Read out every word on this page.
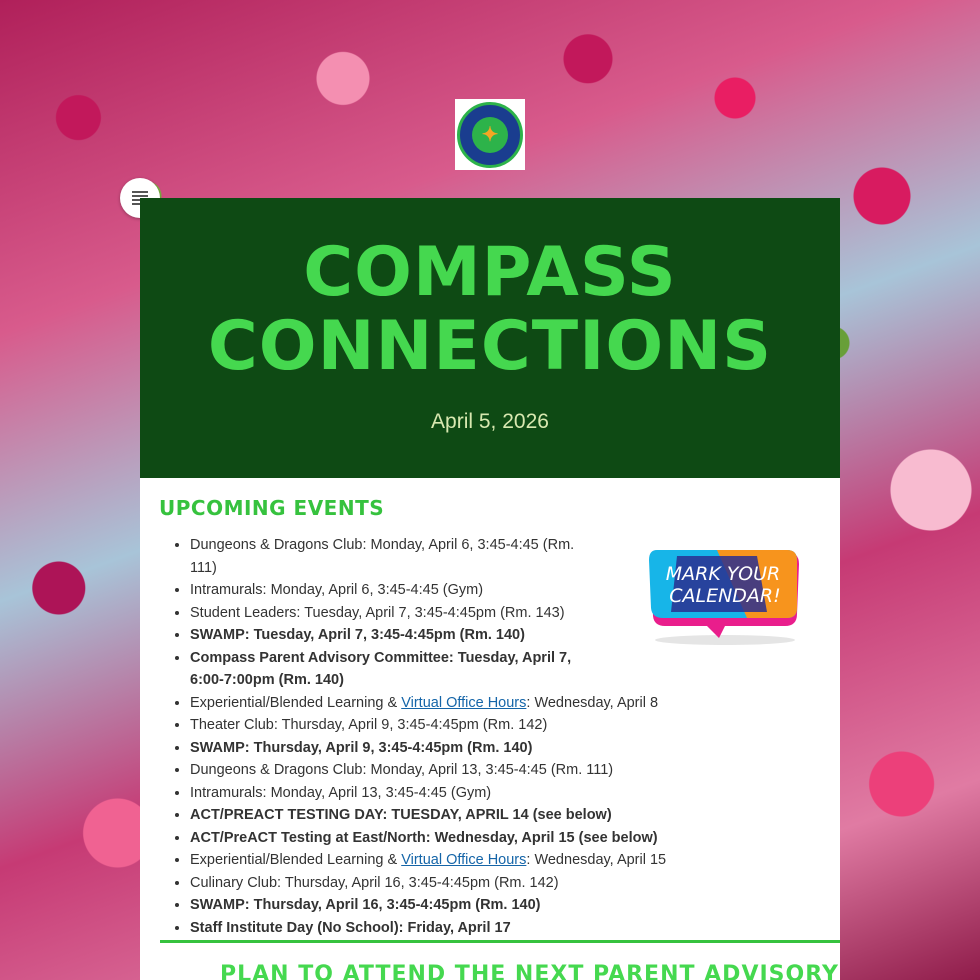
✦
COMPASS
CONNECTIONS
April 5, 2026
UPCOMING EVENTS
• Dungeons & Dragons Club: Monday, April 6, 3:45-4:45 (Rm. 111)
• Intramurals: Monday, April 6, 3:45-4:45 (Gym)
• Student Leaders: Tuesday, April 7, 3:45-4:45pm (Rm. 143)
• SWAMP: Tuesday, April 7, 3:45-4:45pm (Rm. 140)
• Compass Parent Advisory Committee: Tuesday, April 7, 6:00-7:00pm (Rm. 140)
• Experiential/Blended Learning & Virtual Office Hours: Wednesday, April 8
• Theater Club: Thursday, April 9, 3:45-4:45pm (Rm. 142)
• SWAMP: Thursday, April 9, 3:45-4:45pm (Rm. 140)
• Dungeons & Dragons Club: Monday, April 13, 3:45-4:45 (Rm. 111)
• Intramurals: Monday, April 13, 3:45-4:45 (Gym)
• ACT/PREACT TESTING DAY: TUESDAY, APRIL 14 (see below)
• ACT/PreACT Testing at East/North: Wednesday, April 15 (see below)
• Experiential/Blended Learning & Virtual Office Hours: Wednesday, April 15
• Culinary Club: Thursday, April 16, 3:45-4:45pm (Rm. 142)
• SWAMP: Thursday, April 16, 3:45-4:45pm (Rm. 140)
• Staff Institute Day (No School): Friday, April 17
MARK YOUR
CALENDAR!
PLAN TO ATTEND THE NEXT PARENT ADVISORY
